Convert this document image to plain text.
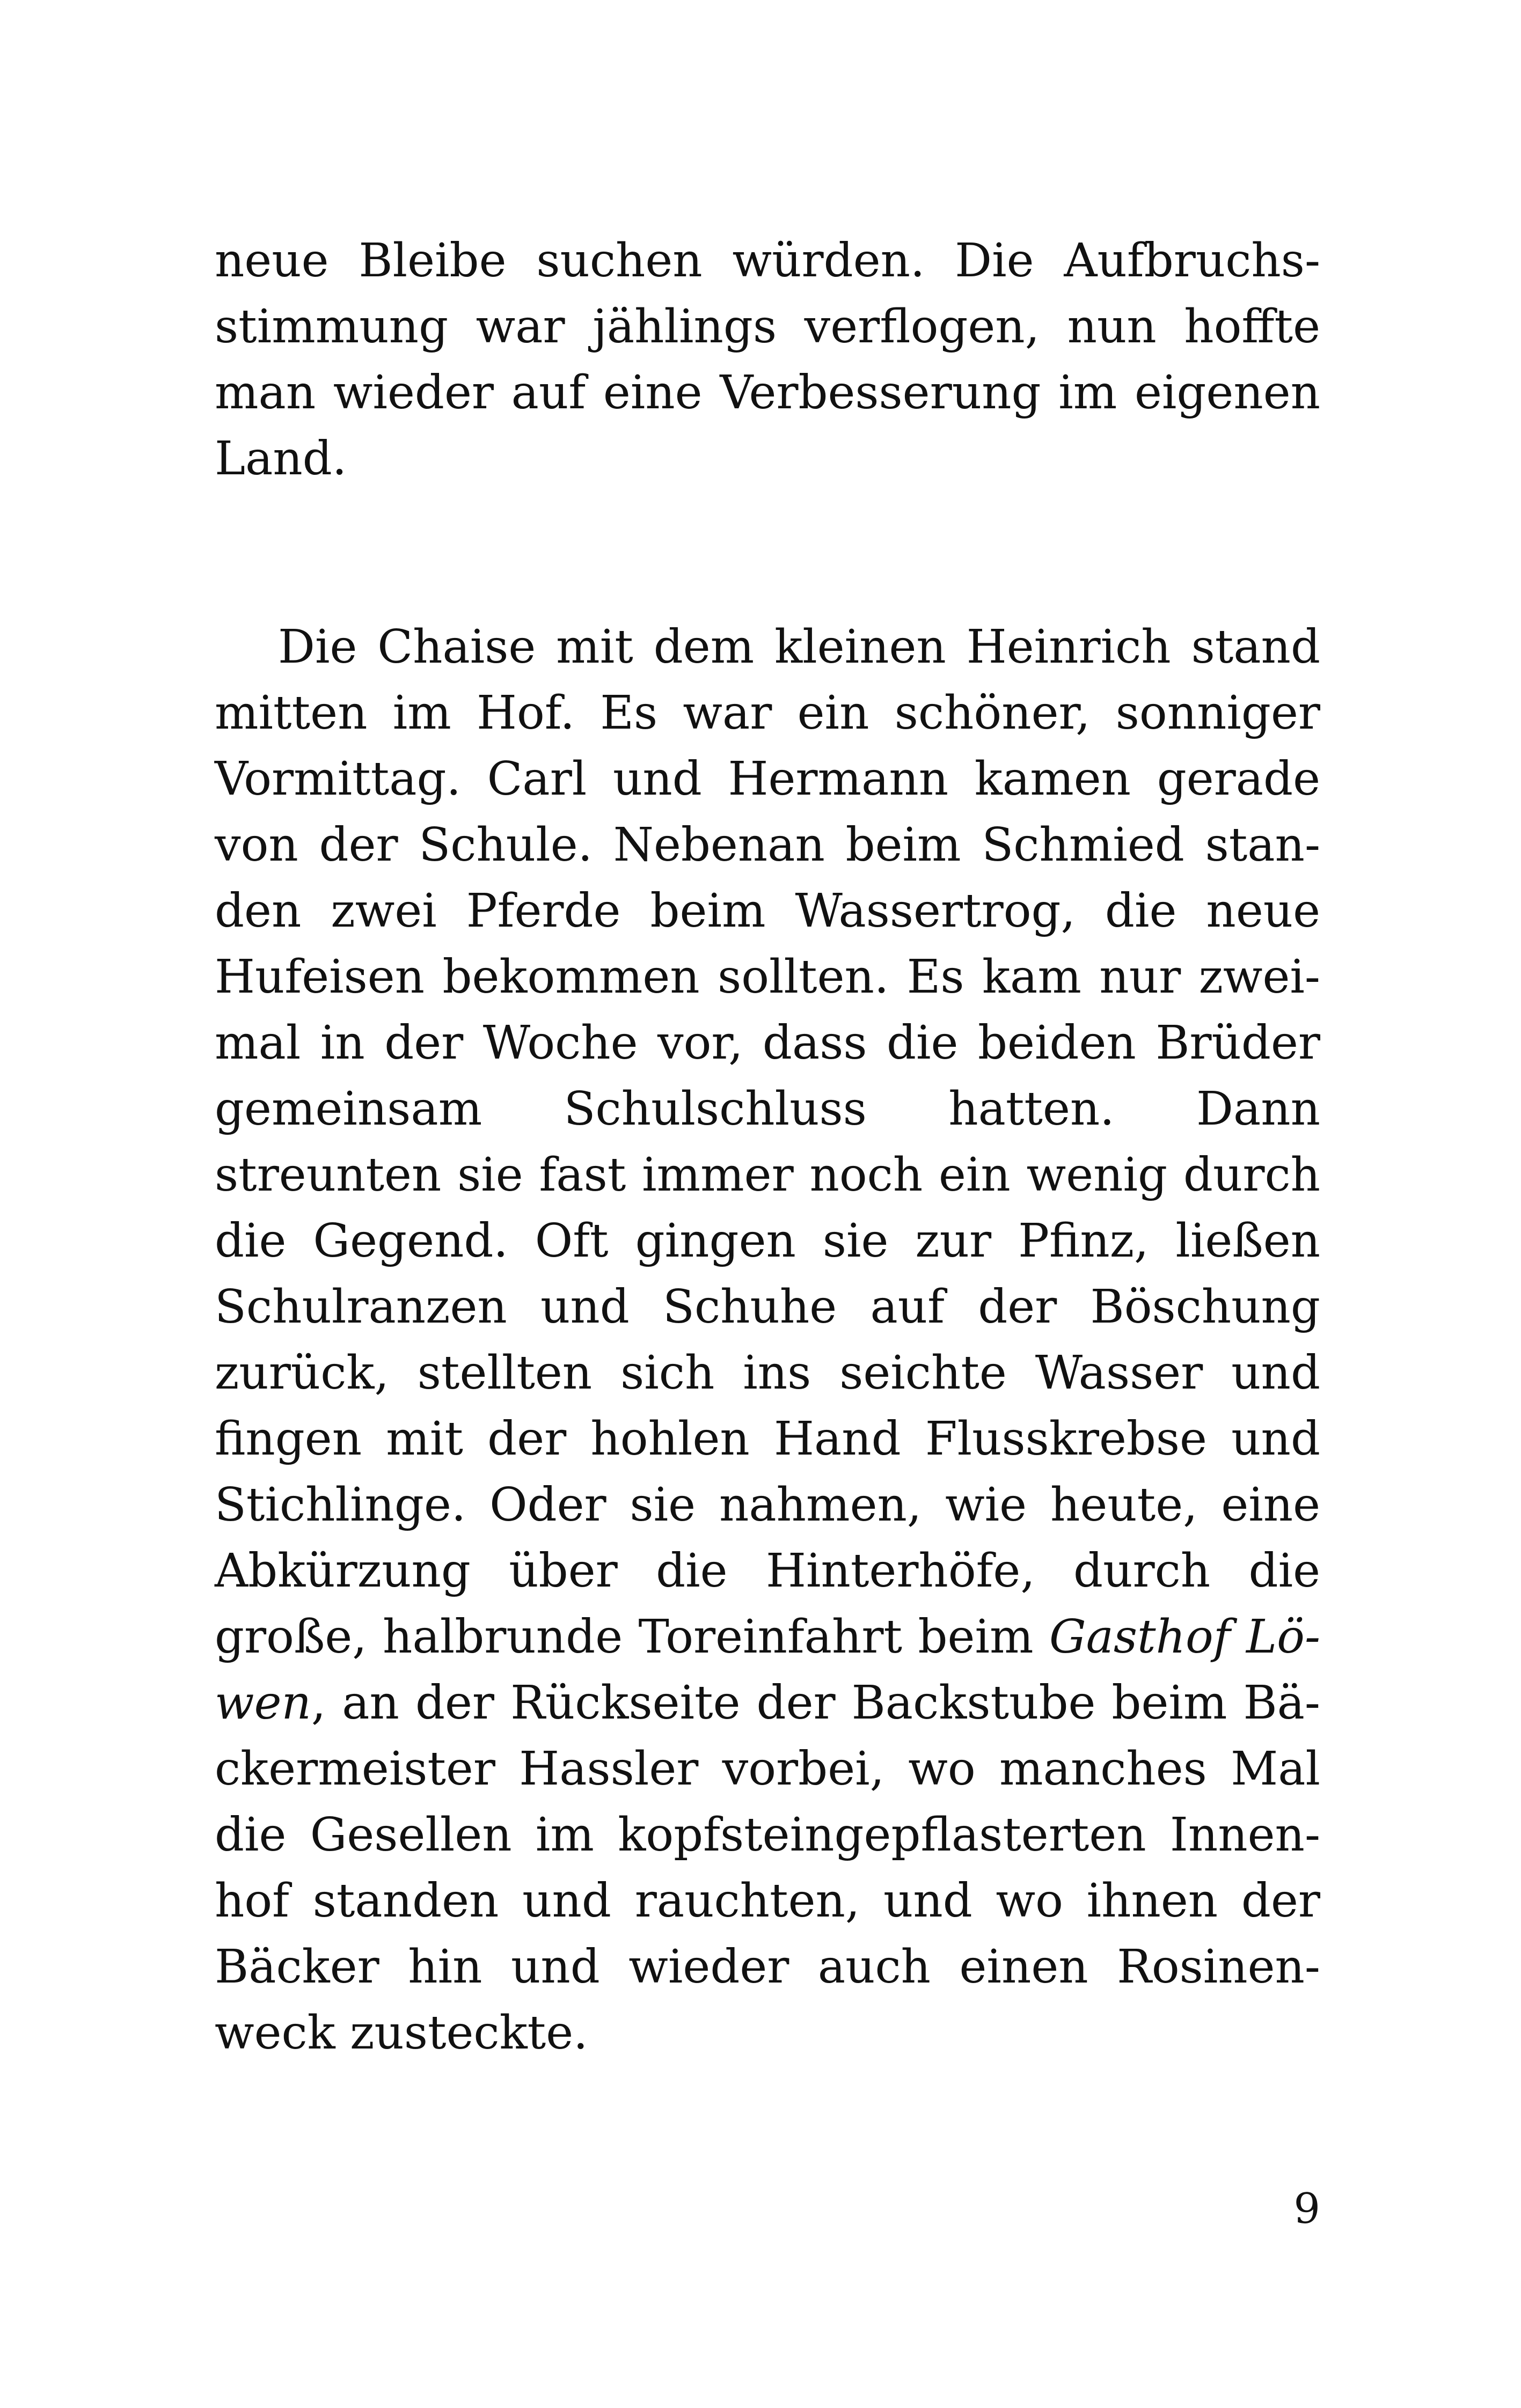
neue Bleibe suchen würden. Die Aufbruchs-
stimmung war jählings verflogen, nun hoffte
man wieder auf eine Verbesserung im eigenen
Land.
Die Chaise mit dem kleinen Heinrich stand
mitten im Hof. Es war ein schöner, sonniger
Vormittag. Carl und Hermann kamen gerade
von der Schule. Nebenan beim Schmied stan-
den zwei Pferde beim Wassertrog, die neue
Hufeisen bekommen sollten. Es kam nur zwei-
mal in der Woche vor, dass die beiden Brüder
gemeinsam Schulschluss hatten. Dann
streunten sie fast immer noch ein wenig durch
die Gegend. Oft gingen sie zur Pfinz, ließen
Schulranzen und Schuhe auf der Böschung
zurück, stellten sich ins seichte Wasser und
fingen mit der hohlen Hand Flusskrebse und
Stichlinge. Oder sie nahmen, wie heute, eine
Abkürzung über die Hinterhöfe, durch die
große, halbrunde Toreinfahrt beim Gasthof Lö-
wen, an der Rückseite der Backstube beim Bä-
ckermeister Hassler vorbei, wo manches Mal
die Gesellen im kopfsteingepflasterten Innen-
hof standen und rauchten, und wo ihnen der
Bäcker hin und wieder auch einen Rosinen-
weck zusteckte.
9
